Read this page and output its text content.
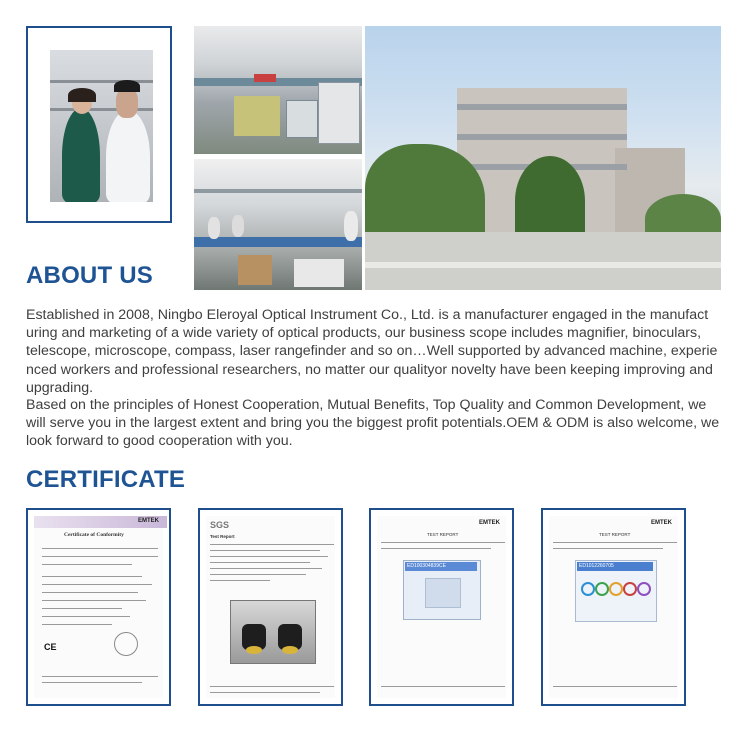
ABOUT US
Established in 2008, Ningbo Eleroyal Optical Instrument Co., Ltd. is a manufacturer engaged in the manufact uring and marketing of a wide variety of optical products, our business scope includes magnifier, binoculars, telescope, microscope, compass, laser rangefinder and so on…Well supported by advanced machine, experie nced workers and professional researchers, no matter our qualityor novelty have been keeping improving and upgrading.
Based on the principles of Honest Cooperation, Mutual Benefits, Top Quality and Common Development, we will serve you in the largest extent and bring you the biggest profit potentials.OEM & ODM is also welcome, we look forward to good cooperation with you.
CERTIFICATE
EMTEK
Certificate of Conformity
CE
SGS
Test Report
EMTEK
TEST REPORT
ED100304839CE
EMTEK
TEST REPORT
ED1012260705
